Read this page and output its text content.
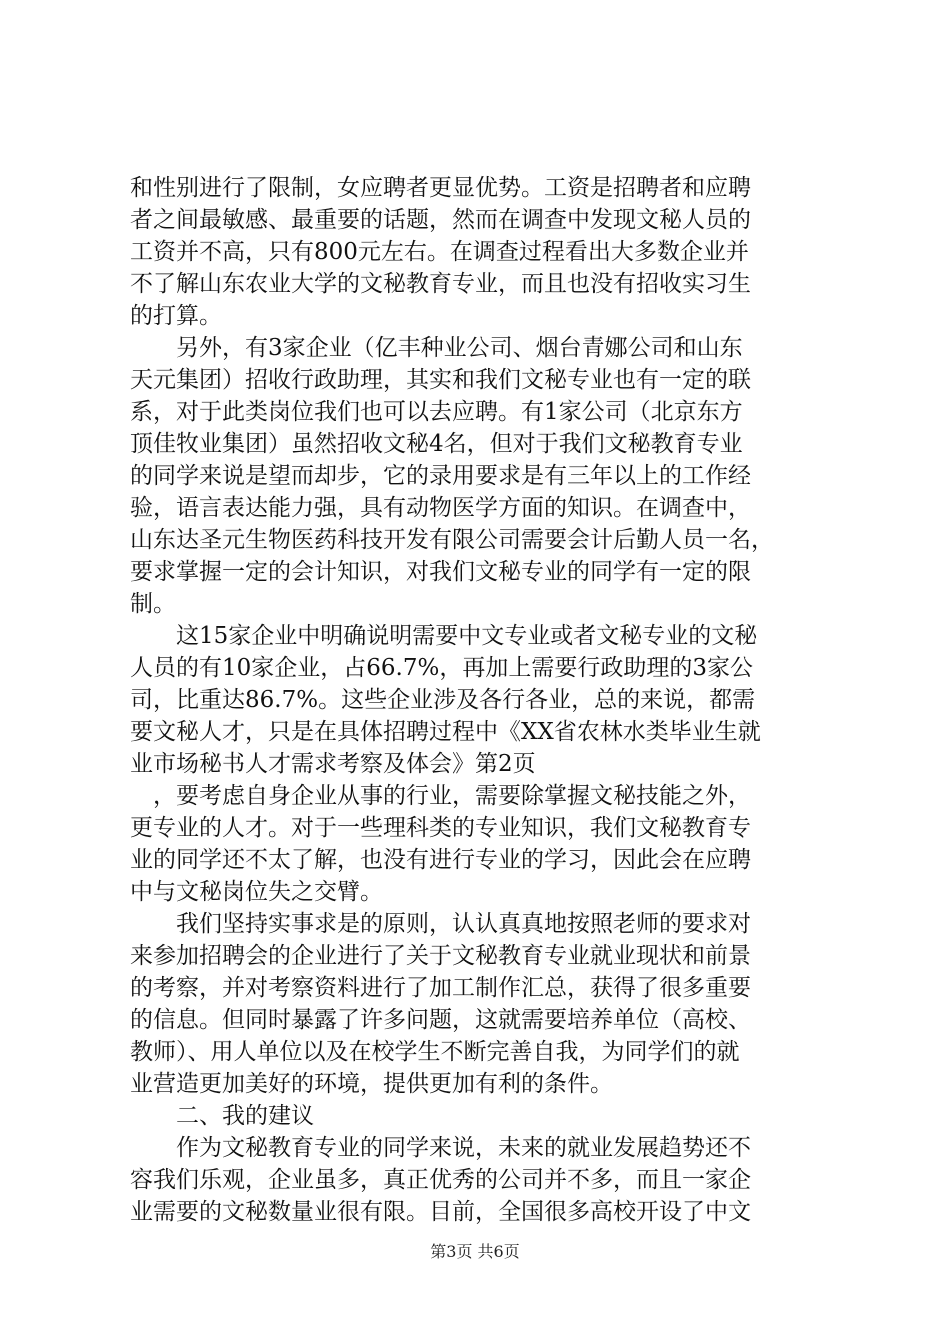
和性别进行了限制，女应聘者更显优势。工资是招聘者和应聘
者之间最敏感、最重要的话题，然而在调查中发现文秘人员的
工资并不高，只有800元左右。在调查过程看出大多数企业并
不了解山东农业大学的文秘教育专业，而且也没有招收实习生
的打算。
　　另外，有3家企业（亿丰种业公司、烟台青娜公司和山东
天元集团）招收行政助理，其实和我们文秘专业也有一定的联
系，对于此类岗位我们也可以去应聘。有1家公司（北京东方
顶佳牧业集团）虽然招收文秘4名，但对于我们文秘教育专业
的同学来说是望而却步，它的录用要求是有三年以上的工作经
验，语言表达能力强，具有动物医学方面的知识。在调查中，
山东达圣元生物医药科技开发有限公司需要会计后勤人员一名，
要求掌握一定的会计知识，对我们文秘专业的同学有一定的限
制。
　　这15家企业中明确说明需要中文专业或者文秘专业的文秘
人员的有10家企业，占66.7%，再加上需要行政助理的3家公
司，比重达86.7%。这些企业涉及各行各业，总的来说，都需
要文秘人才，只是在具体招聘过程中《XX省农林水类毕业生就
业市场秘书人才需求考察及体会》第2页
　，要考虑自身企业从事的行业，需要除掌握文秘技能之外，
更专业的人才。对于一些理科类的专业知识，我们文秘教育专
业的同学还不太了解，也没有进行专业的学习，因此会在应聘
中与文秘岗位失之交臂。
　　我们坚持实事求是的原则，认认真真地按照老师的要求对
来参加招聘会的企业进行了关于文秘教育专业就业现状和前景
的考察，并对考察资料进行了加工制作汇总，获得了很多重要
的信息。但同时暴露了许多问题，这就需要培养单位（高校、
教师）、用人单位以及在校学生不断完善自我，为同学们的就
业营造更加美好的环境，提供更加有利的条件。
　　二、我的建议
　　作为文秘教育专业的同学来说，未来的就业发展趋势还不
容我们乐观，企业虽多，真正优秀的公司并不多，而且一家企
业需要的文秘数量业很有限。目前，全国很多高校开设了中文
第3页 共6页
